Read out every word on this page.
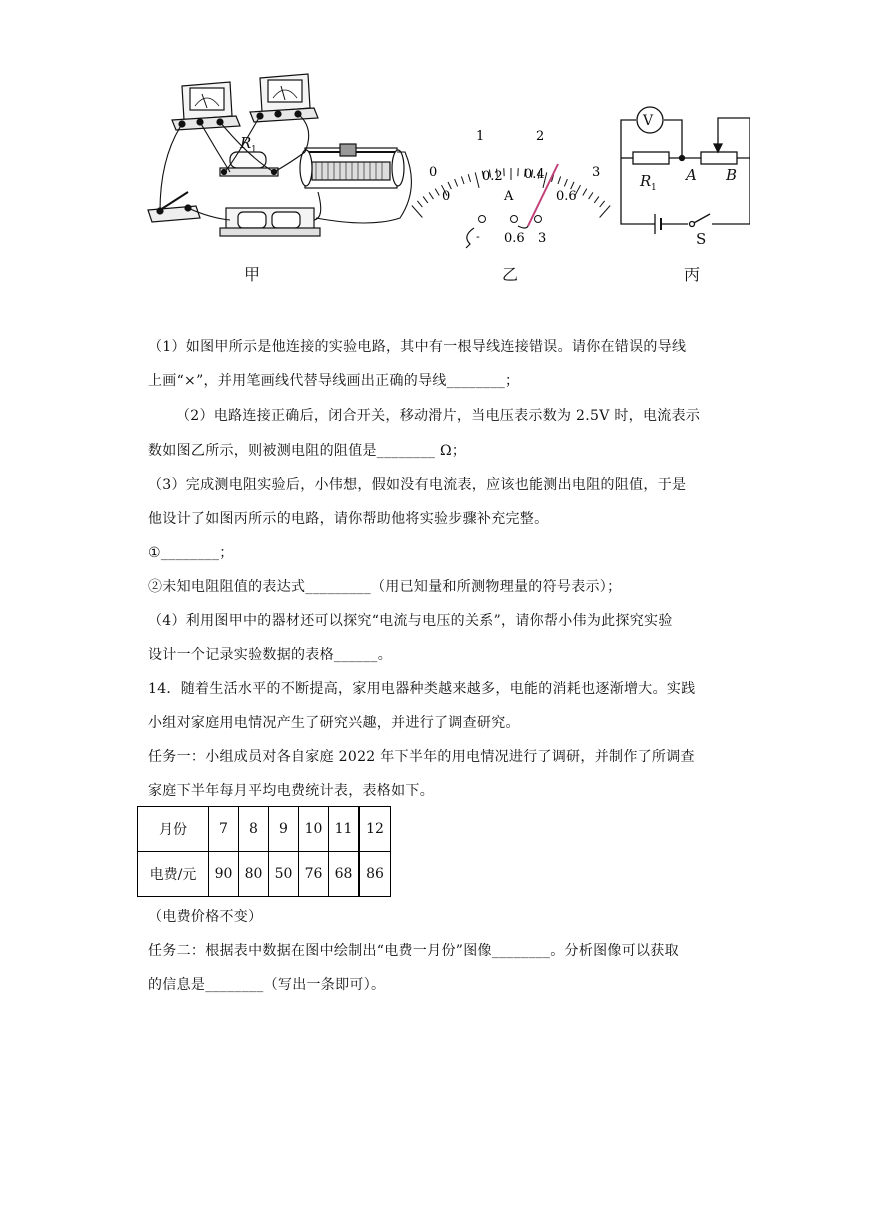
R 1
0
1	2
3
0
0.2 0.4
0.6
A
- 0.6 3
V
R 1
A B
S
甲	乙	丙
（1）如图甲所示是他连接的实验电路，其中有一根导线连接错误。请你在错误的导线
上画“×”，并用笔画线代替导线画出正确的导线________；
（2）电路连接正确后，闭合开关，移动滑片，当电压表示数为 2.5V 时，电流表示
数如图乙所示，则被测电阻的阻值是________ Ω；
（3）完成测电阻实验后，小伟想，假如没有电流表，应该也能测出电阻的阻值，于是
他设计了如图丙所示的电路，请你帮助他将实验步骤补充完整。
①________；
②未知电阻阻值的表达式_________（用已知量和所测物理量的符号表示）；
（4）利用图甲中的器材还可以探究“电流与电压的关系”，请你帮小伟为此探究实验
设计一个记录实验数据的表格______。
14．随着生活水平的不断提高，家用电器种类越来越多，电能的消耗也逐渐增大。实践
小组对家庭用电情况产生了研究兴趣，并进行了调查研究。
任务一：小组成员对各自家庭 2022 年下半年的用电情况进行了调研，并制作了所调查
家庭下半年每月平均电费统计表，表格如下。
月份	7	8	9	10	11	12
电费/元	90	80	50	76	68	86
（电费价格不变）
任务二：根据表中数据在图中绘制出“电费一月份”图像________。分析图像可以获取
的信息是________（写出一条即可）。
